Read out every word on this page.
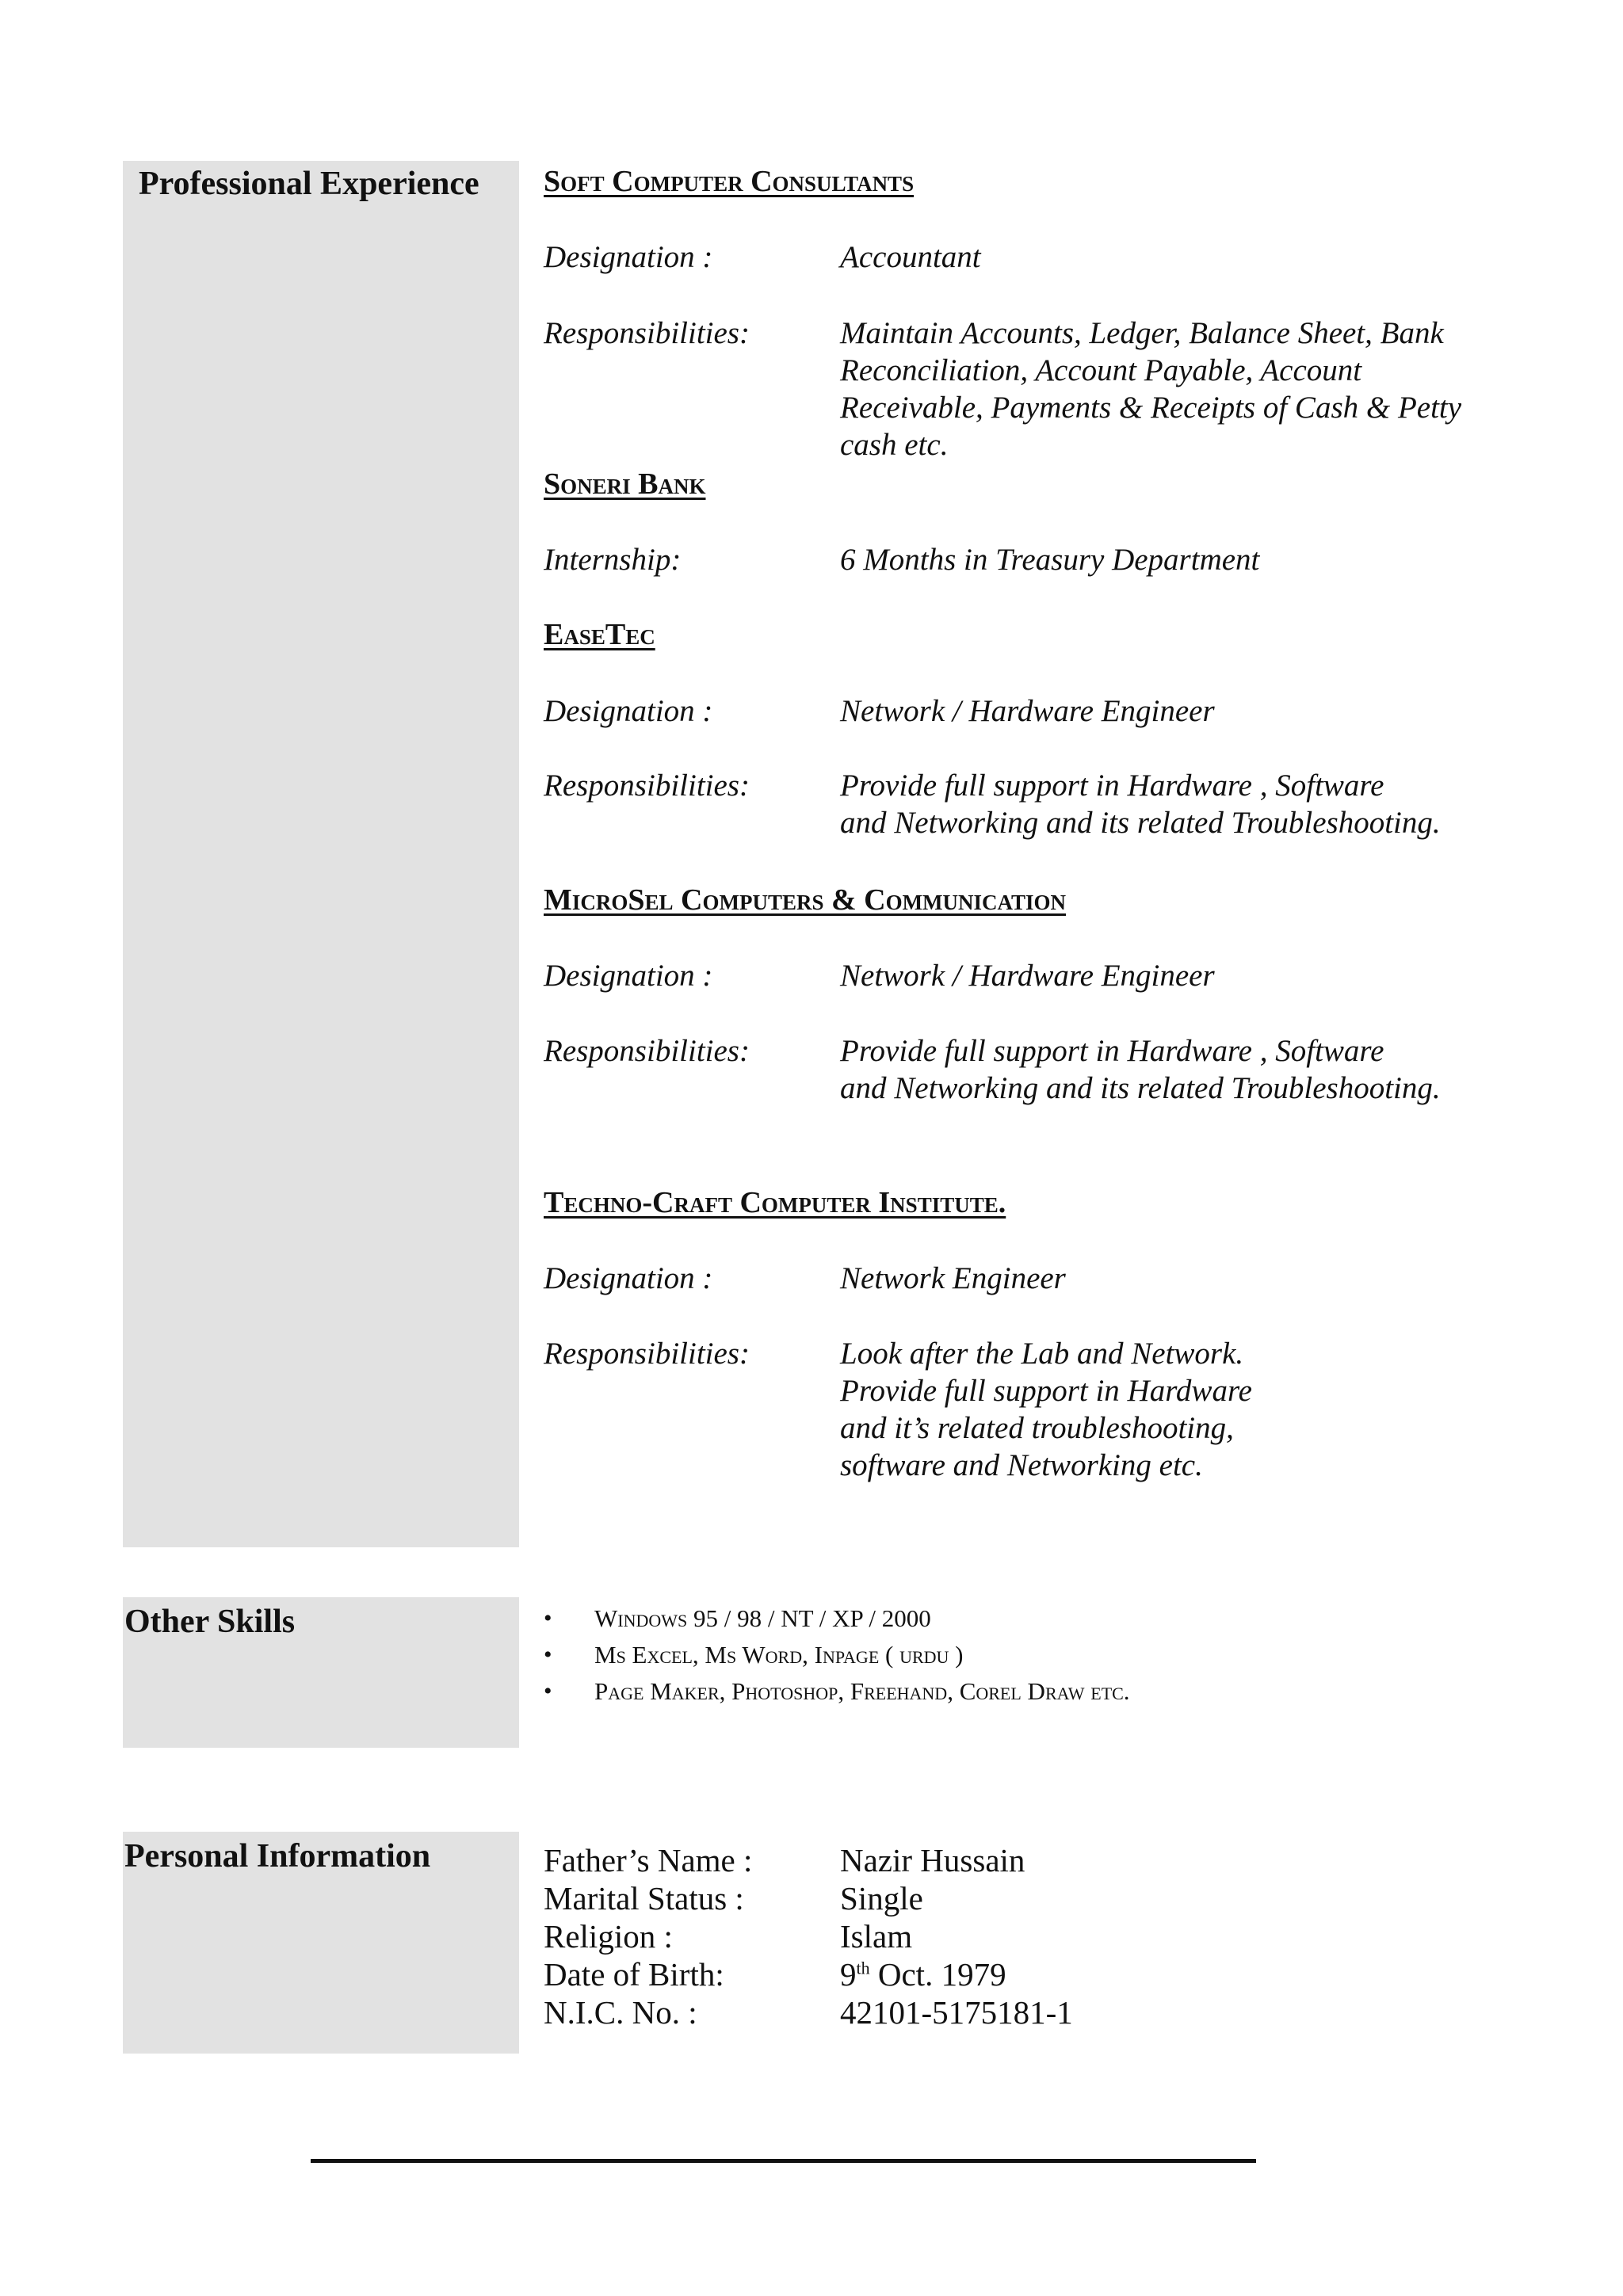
Professional Experience Soft Computer Consultants
Designation :	Accountant
Responsibilities:	Maintain Accounts, Ledger, Balance Sheet, Bank
Reconciliation, Account Payable, Account
Receivable, Payments & Receipts of Cash & Petty
cash etc.
Soneri Bank
Internship:	6 Months in Treasury Department
EaseTec
Designation :	Network / Hardware Engineer
Responsibilities:	Provide full support in Hardware , Software
and Networking and its related Troubleshooting.
MicroSel Computers & Communication
Designation :	Network / Hardware Engineer
Responsibilities:	Provide full support in Hardware , Software
and Networking and its related Troubleshooting.
Techno-Craft Computer Institute.
Designation :	Network Engineer
Responsibilities:	Look after the Lab and Network.
Provide full support in Hardware
and it’s related troubleshooting,
software and Networking etc.
Other Skills	• Windows 95 / 98 / NT / XP / 2000
• Ms Excel, Ms Word, Inpage ( urdu )
• Page Maker, Photoshop, Freehand, Corel Draw etc.
Personal Information	Father’s Name :	Nazir Hussain
Marital Status :	Single
Religion :	Islam
Date of Birth:	9th Oct. 1979
N.I.C. No. :	42101-5175181-1
